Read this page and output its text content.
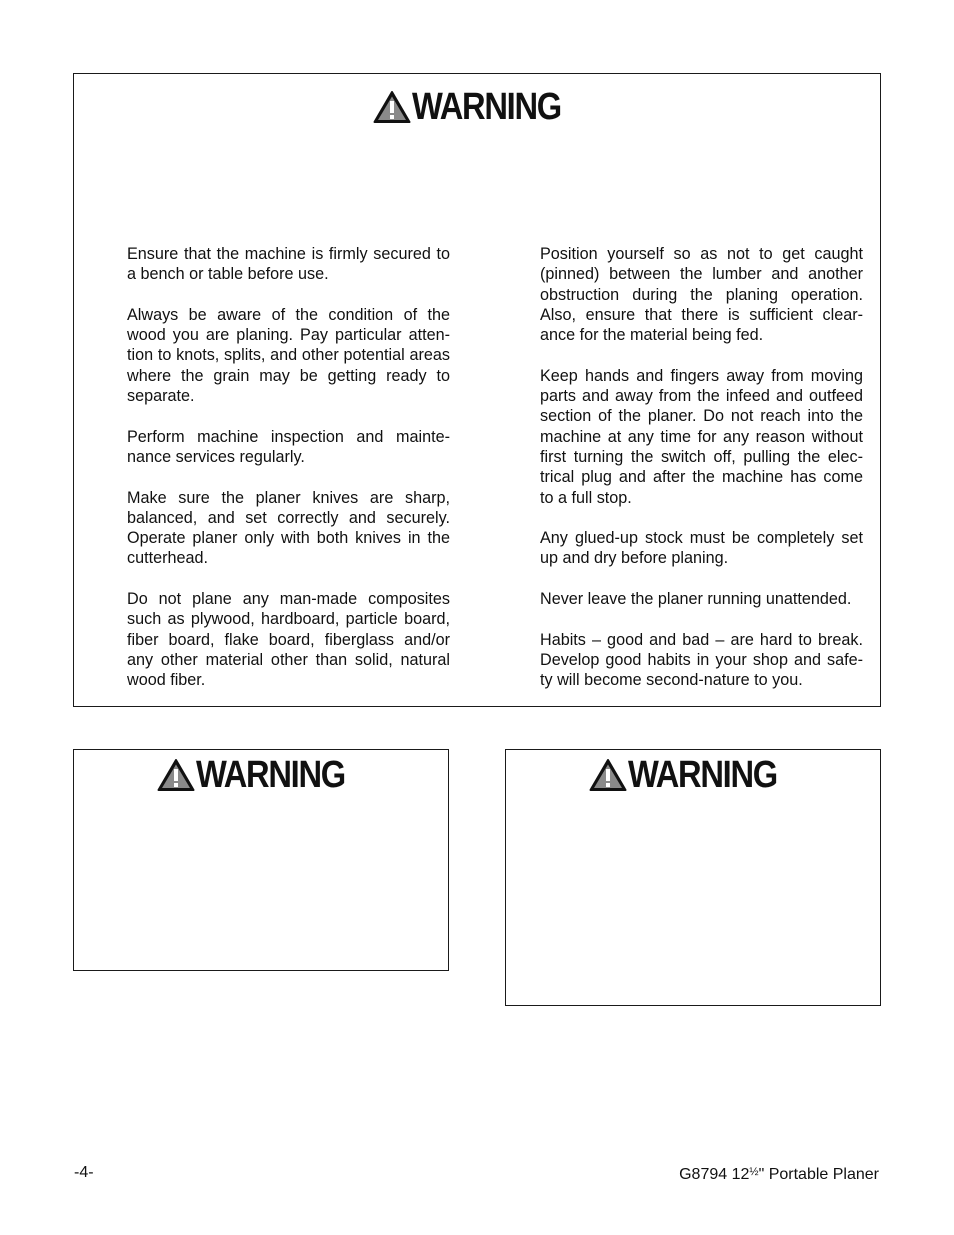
WARNING

Ensure that the machine is firmly secured to a bench or table before use.

Always be aware of the condition of the wood you are planing. Pay particular atten- tion to knots, splits, and other potential areas where the grain may be getting ready to separate.

Perform machine inspection and mainte- nance services regularly.

Make sure the planer knives are sharp, balanced, and set correctly and securely. Operate planer only with both knives in the cutterhead.

Do not plane any man-made composites such as plywood, hardboard, particle board, fiber board, flake board, fiberglass and/or any other material other than solid, natural wood fiber.

Position yourself so as not to get caught (pinned) between the lumber and another obstruction during the planing operation. Also, ensure that there is sufficient clear- ance for the material being fed.

Keep hands and fingers away from moving parts and away from the infeed and outfeed section of the planer. Do not reach into the machine at any time for any reason without first turning the switch off, pulling the elec- trical plug and after the machine has come to a full stop.

Any glued-up stock must be completely set up and dry before planing.

Never leave the planer running unattended.

Habits – good and bad – are hard to break. Develop good habits in your shop and safe- ty will become second-nature to you.

WARNING	WARNING
-4-	G8794 $12^{\frac{1}{2}}$" Portable Planer
